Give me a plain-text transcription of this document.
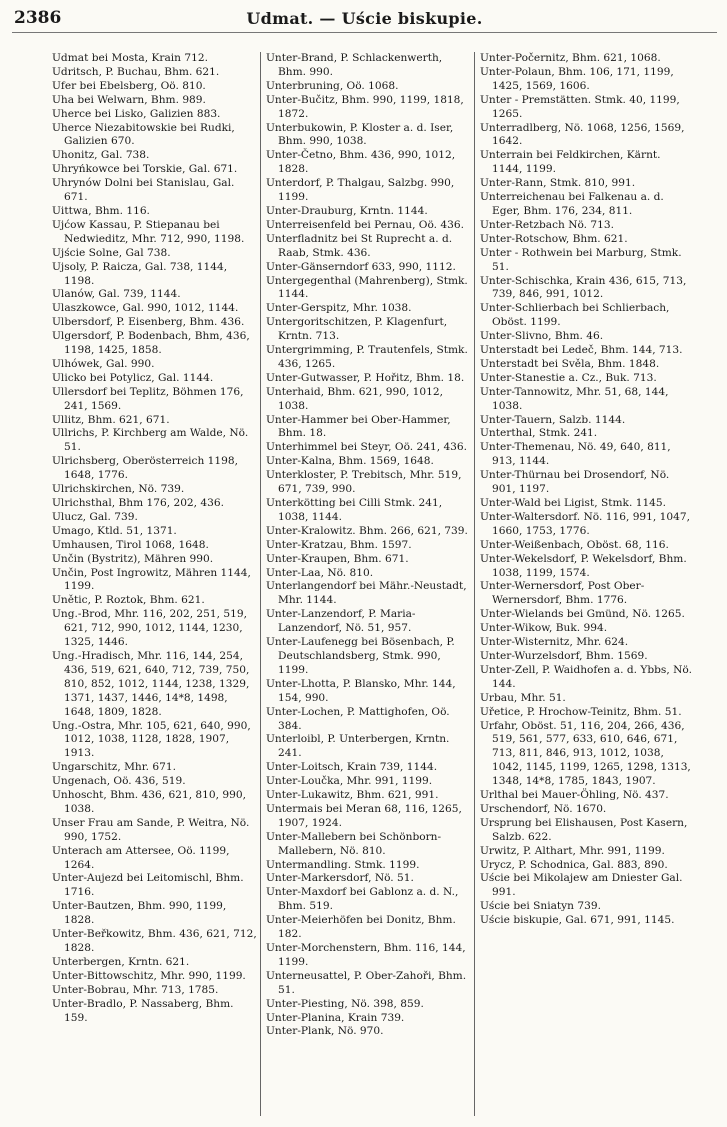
2386	Udmat. — Uście biskupie.
Udmat bei Mosta, Krain 712.
Udritsch, P. Buchau, Bhm. 621.
Ufer bei Ebelsberg, Oö. 810.
Uha bei Welwarn, Bhm. 989.
Uherce bei Lisko, Galizien 883.
Uherce Niezabitowskie bei Rudki, Galizien 670.
Uhonitz, Gal. 738.
Uhryńkowce bei Torskie, Gal. 671.
Uhrynów Dolni bei Stanislau, Gal. 671.
Uittwa, Bhm. 116.
Ujćow Kassau, P. Stiepanau bei Nedwieditz, Mhr. 712, 990, 1198.
Ujście Solne, Gal 738.
Ujsoly, P. Raicza, Gal. 738, 1144, 1198.
Ulanów, Gal. 739, 1144.
Ulaszkowce, Gal. 990, 1012, 1144.
Ulbersdorf, P. Eisenberg, Bhm. 436.
Ulgersdorf, P. Bodenbach, Bhm, 436, 1198, 1425, 1858.
Ulhówek, Gal. 990.
Ulicko bei Potylicz, Gal. 1144.
Ullersdorf bei Teplitz, Böhmen 176, 241, 1569.
Ullitz, Bhm. 621, 671.
Ullrichs, P. Kirchberg am Walde, Nö. 51.
Ulrichsberg, Oberösterreich 1198, 1648, 1776.
Ulrichskirchen, Nö. 739.
Ulrichsthal, Bhm 176, 202, 436.
Ulucz, Gal. 739.
Umago, Ktld. 51, 1371.
Umhausen, Tirol 1068, 1648.
Unčin (Bystritz), Mähren 990.
Unčin, Post Ingrowitz, Mähren 1144, 1199.
Unětic, P. Roztok, Bhm. 621.
Ung.-Brod, Mhr. 116, 202, 251, 519, 621, 712, 990, 1012, 1144, 1230, 1325, 1446.
Ung.-Hradisch, Mhr. 116, 144, 254, 436, 519, 621, 640, 712, 739, 750, 810, 852, 1012, 1144, 1238, 1329, 1371, 1437, 1446, 14*8, 1498, 1648, 1809, 1828.
Ung.-Ostra, Mhr. 105, 621, 640, 990, 1012, 1038, 1128, 1828, 1907, 1913.
Ungarschitz, Mhr. 671.
Ungenach, Oö. 436, 519.
Unhoscht, Bhm. 436, 621, 810, 990, 1038.
Unser Frau am Sande, P. Weitra, Nö. 990, 1752.
Unterach am Attersee, Oö. 1199, 1264.
Unter-Aujezd bei Leitomischl, Bhm. 1716.
Unter-Bautzen, Bhm. 990, 1199, 1828.
Unter-Beřkowitz, Bhm. 436, 621, 712, 1828.
Unterbergen, Krntn. 621.
Unter-Bittowschitz, Mhr. 990, 1199.
Unter-Bobrau, Mhr. 713, 1785.
Unter-Bradlo, P. Nassaberg, Bhm. 159.
Unter-Brand, P. Schlackenwerth, Bhm. 990.
Unterbruning, Oö. 1068.
Unter-Bučitz, Bhm. 990, 1199, 1818, 1872.
Unterbukowin, P. Kloster a. d. Iser, Bhm. 990, 1038.
Unter-Četno, Bhm. 436, 990, 1012, 1828.
Unterdorf, P. Thalgau, Salzbg. 990, 1199.
Unter-Drauburg, Krntn. 1144.
Unterreisenfeld bei Pernau, Oö. 436.
Unterfladnitz bei St Ruprecht a. d. Raab, Stmk. 436.
Unter-Gänserndorf 633, 990, 1112.
Untergegenthal (Mahrenberg), Stmk. 1144.
Unter-Gerspitz, Mhr. 1038.
Untergoritschitzen, P. Klagenfurt, Krntn. 713.
Untergrimming, P. Trautenfels, Stmk. 436, 1265.
Unter-Gutwasser, P. Hořitz, Bhm. 18.
Unterhaid, Bhm. 621, 990, 1012, 1038.
Unter-Hammer bei Ober-Hammer, Bhm. 18.
Unterhimmel bei Steyr, Oö. 241, 436.
Unter-Kalna, Bhm. 1569, 1648.
Unterkloster, P. Trebitsch, Mhr. 519, 671, 739, 990.
Unterkötting bei Cilli Stmk. 241, 1038, 1144.
Unter-Kralowitz. Bhm. 266, 621, 739.
Unter-Kratzau, Bhm. 1597.
Unter-Kraupen, Bhm. 671.
Unter-Laa, Nö. 810.
Unterlangendorf bei Mähr.-Neustadt, Mhr. 1144.
Unter-Lanzendorf, P. Maria-Lanzendorf, Nö. 51, 957.
Unter-Laufenegg bei Bösenbach, P. Deutschlandsberg, Stmk. 990, 1199.
Unter-Lhotta, P. Blansko, Mhr. 144, 154, 990.
Unter-Lochen, P. Mattighofen, Oö. 384.
Unterloibl, P. Unterbergen, Krntn. 241.
Unter-Loitsch, Krain 739, 1144.
Unter-Loučka, Mhr. 991, 1199.
Unter-Lukawitz, Bhm. 621, 991.
Untermais bei Meran 68, 116, 1265, 1907, 1924.
Unter-Mallebern bei Schönborn-Mallebern, Nö. 810.
Untermandling. Stmk. 1199.
Unter-Markersdorf, Nö. 51.
Unter-Maxdorf bei Gablonz a. d. N., Bhm. 519.
Unter-Meierhöfen bei Donitz, Bhm. 182.
Unter-Morchenstern, Bhm. 116, 144, 1199.
Unterneusattel, P. Ober-Zahoři, Bhm. 51.
Unter-Piesting, Nö. 398, 859.
Unter-Planina, Krain 739.
Unter-Plank, Nö. 970.
Unter-Počernitz, Bhm. 621, 1068.
Unter-Polaun, Bhm. 106, 171, 1199, 1425, 1569, 1606.
Unter - Premstätten. Stmk. 40, 1199, 1265.
Unterradlberg, Nö. 1068, 1256, 1569, 1642.
Unterrain bei Feldkirchen, Kärnt. 1144, 1199.
Unter-Rann, Stmk. 810, 991.
Unterreichenau bei Falkenau a. d. Eger, Bhm. 176, 234, 811.
Unter-Retzbach Nö. 713.
Unter-Rotschow, Bhm. 621.
Unter - Rothwein bei Marburg, Stmk. 51.
Unter-Schischka, Krain 436, 615, 713, 739, 846, 991, 1012.
Unter-Schlierbach bei Schlierbach, Oböst. 1199.
Unter-Slivno, Bhm. 46.
Unterstadt bei Ledeč, Bhm. 144, 713.
Unterstadt bei Svěla, Bhm. 1848.
Unter-Stanestie a. Cz., Buk. 713.
Unter-Tannowitz, Mhr. 51, 68, 144, 1038.
Unter-Tauern, Salzb. 1144.
Unterthal, Stmk. 241.
Unter-Themenau, Nö. 49, 640, 811, 913, 1144.
Unter-Thürnau bei Drosendorf, Nö. 901, 1197.
Unter-Wald bei Ligist, Stmk. 1145.
Unter-Waltersdorf. Nö. 116, 991, 1047, 1660, 1753, 1776.
Unter-Weißenbach, Oböst. 68, 116.
Unter-Wekelsdorf, P. Wekelsdorf, Bhm. 1038, 1199, 1574.
Unter-Wernersdorf, Post Ober-Wernersdorf, Bhm. 1776.
Unter-Wielands bei Gmünd, Nö. 1265.
Unter-Wikow, Buk. 994.
Unter-Wisternitz, Mhr. 624.
Unter-Wurzelsdorf, Bhm. 1569.
Unter-Zell, P. Waidhofen a. d. Ybbs, Nö. 144.
Urbau, Mhr. 51.
Uřetice, P. Hrochow-Teinitz, Bhm. 51.
Urfahr, Oböst. 51, 116, 204, 266, 436, 519, 561, 577, 633, 610, 646, 671, 713, 811, 846, 913, 1012, 1038, 1042, 1145, 1199, 1265, 1298, 1313, 1348, 14*8, 1785, 1843, 1907.
Urlthal bei Mauer-Öhling, Nö. 437.
Urschendorf, Nö. 1670.
Ursprung bei Elishausen, Post Kasern, Salzb. 622.
Urwitz, P. Althart, Mhr. 991, 1199.
Urycz, P. Schodnica, Gal. 883, 890.
Uście bei Mikolajew am Dniester Gal. 991.
Uście bei Sniatyn 739.
Uście biskupie, Gal. 671, 991, 1145.
